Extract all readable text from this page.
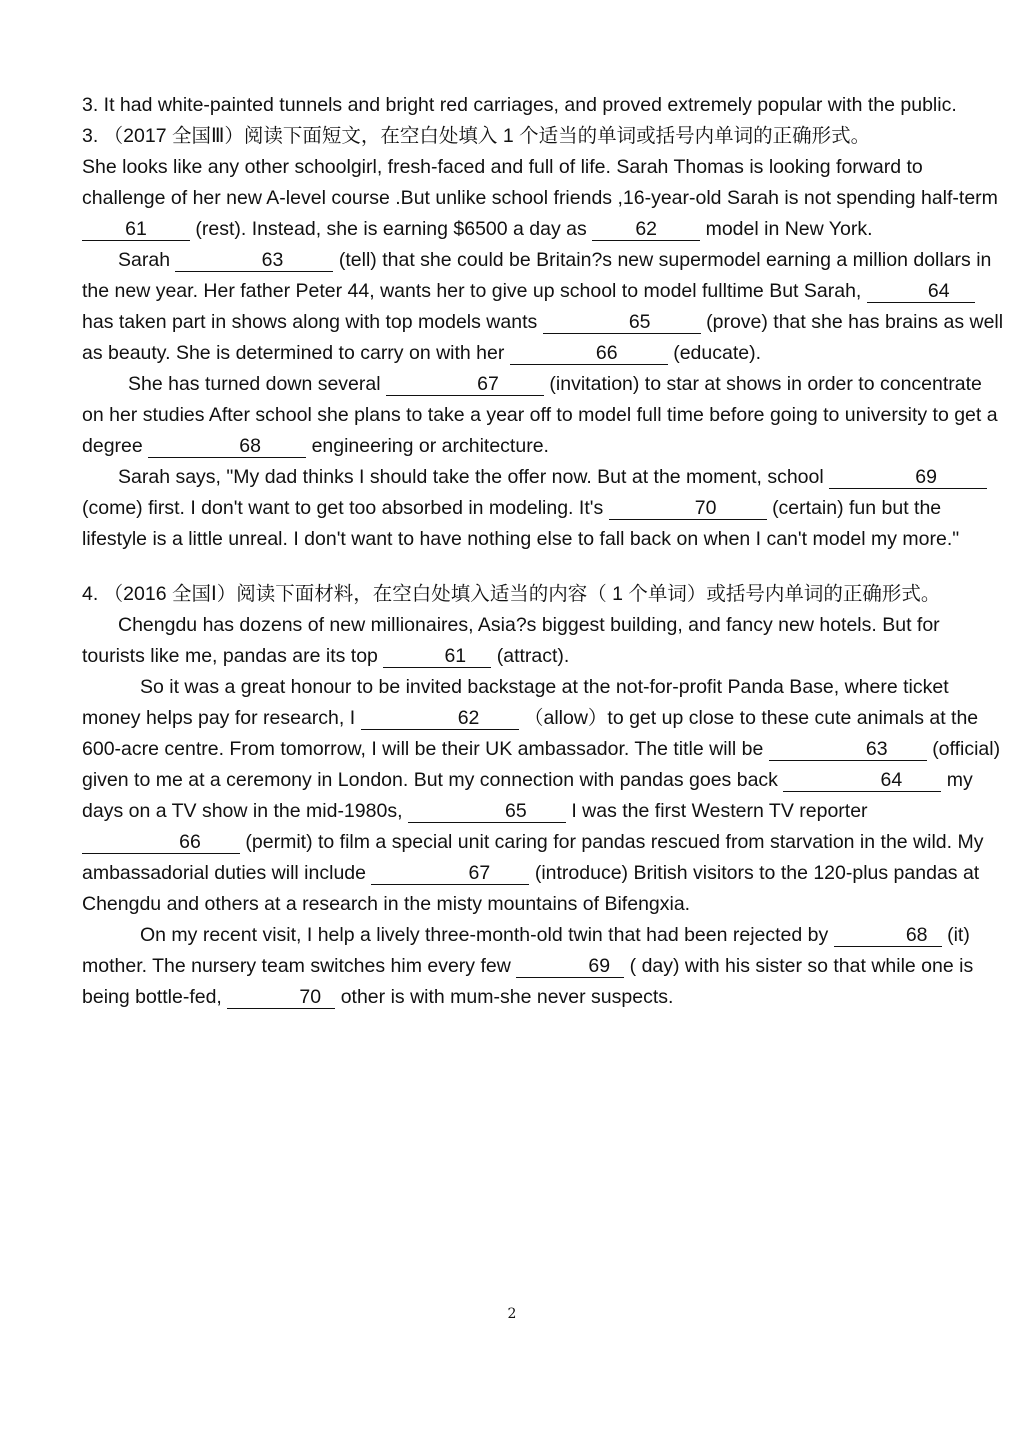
3. It had white-painted tunnels and bright red carriages, and proved extremely popular with the public.

3. （2017 全国Ⅲ）阅读下面短文，在空白处填入 1 个适当的单词或括号内单词的正确形式。

She looks like any other schoolgirl, fresh-faced and full of life. Sarah Thomas is looking forward to challenge of her new A-level course .But unlike school friends ,16-year-old Sarah is not spending half-term 61 (rest). Instead, she is earning $6500 a day as 62 model in New York.

Sarah	63	(tell) that she could be Britain?s new supermodel earning a million dollars in the new year. Her father Peter 44, wants her to give up school to model fulltime But Sarah,	64 has taken part in shows along with top models wants	65	(prove) that she has brains as well as beauty. She is determined to carry on with her	66	(educate).

She has turned down several	67	(invitation) to star at shows in order to concentrate on her studies After school she plans to take a year off to model full time before going to university to get a degree	68	engineering or architecture.

Sarah says, "My dad thinks I should take the offer now. But at the moment, school	69 (come) first. I don't want to get too absorbed in modeling. It's	70	(certain) fun but the lifestyle is a little unreal. I don't want to have nothing else to fall back on when I can't model my more."

4. （2016 全国Ⅰ）阅读下面材料，在空白处填入适当的内容（ 1 个单词）或括号内单词的正确形式。

Chengdu has dozens of new millionaires, Asia?s biggest building, and fancy new hotels. But for tourists like me, pandas are its top	61 (attract).

So it was a great honour to be invited backstage at the not-for-profit Panda Base, where ticket money helps pay for research, I	62 （allow）to get up close to these cute animals at the 600-acre centre. From tomorrow, I will be their UK ambassador. The title will be	63 (official) given to me at a ceremony in London. But my connection with pandas goes back	64 my days on a TV show in the mid-1980s,	65 I was the first Western TV reporter 66 (permit) to film a special unit caring for pandas rescued from starvation in the wild. My ambassadorial duties will include	67 (introduce) British visitors to the 120-plus pandas at Chengdu and others at a research in the misty mountains of Bifengxia.

On my recent visit, I help a lively three-month-old twin that had been rejected by	68 (it) mother. The nursery team switches him every few	69 ( day) with his sister so that while one is being bottle-fed,	70 other is with mum-she never suspects.

2
